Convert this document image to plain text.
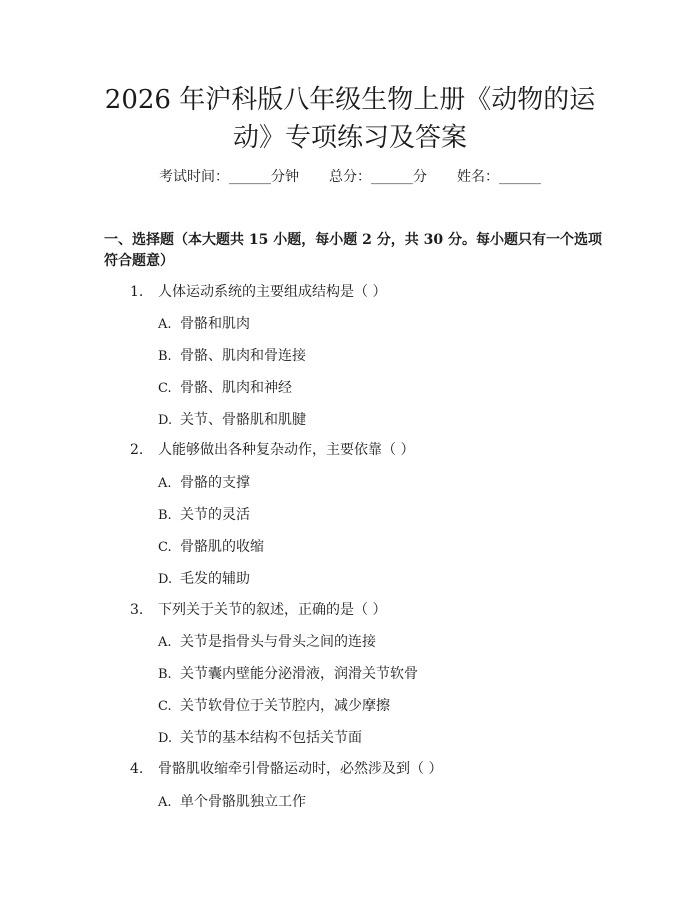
2026 年沪科版八年级生物上册《动物的运
动》专项练习及答案
考试时间：______分钟 总分：______分 姓名：______
一、选择题（本大题共 15 小题，每小题 2 分，共 30 分。每小题只有一个选项符合题意）
1. 人体运动系统的主要组成结构是（ ）
A. 骨骼和肌肉
B. 骨骼、肌肉和骨连接
C. 骨骼、肌肉和神经
D. 关节、骨骼肌和肌腱
2. 人能够做出各种复杂动作，主要依靠（ ）
A. 骨骼的支撑
B. 关节的灵活
C. 骨骼肌的收缩
D. 毛发的辅助
3. 下列关于关节的叙述，正确的是（ ）
A. 关节是指骨头与骨头之间的连接
B. 关节囊内壁能分泌滑液，润滑关节软骨
C. 关节软骨位于关节腔内，减少摩擦
D. 关节的基本结构不包括关节面
4. 骨骼肌收缩牵引骨骼运动时，必然涉及到（ ）
A. 单个骨骼肌独立工作
